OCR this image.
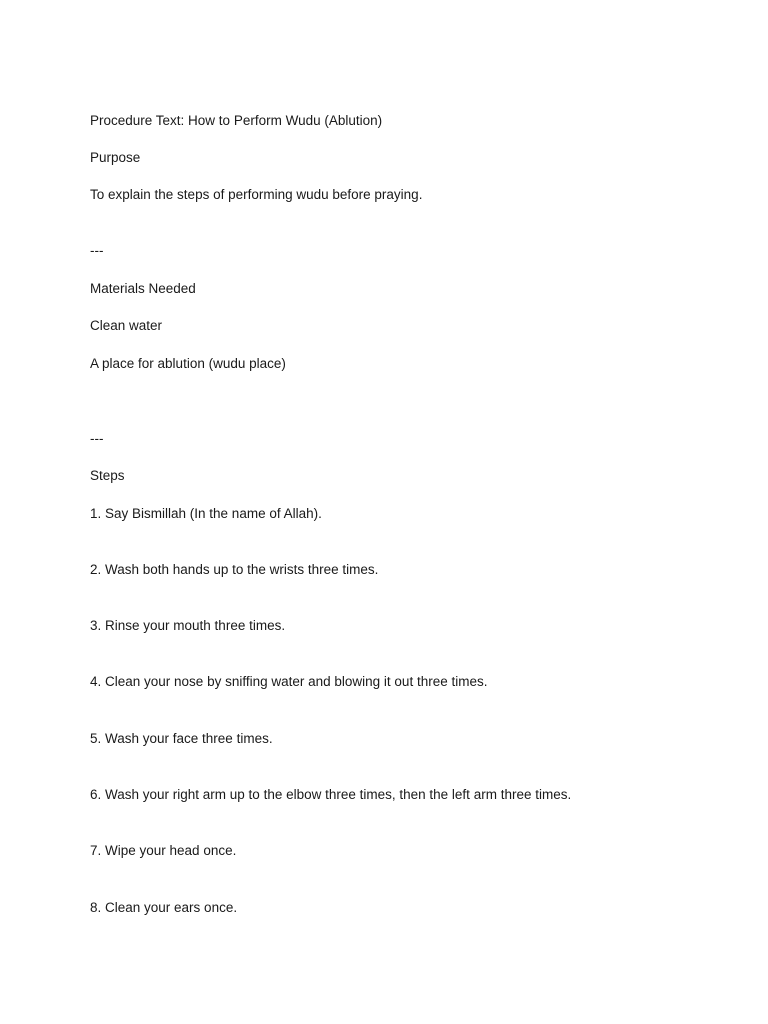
Procedure Text: How to Perform Wudu (Ablution)
Purpose
To explain the steps of performing wudu before praying.
---
Materials Needed
Clean water
A place for ablution (wudu place)
---
Steps
1. Say Bismillah (In the name of Allah).
2. Wash both hands up to the wrists three times.
3. Rinse your mouth three times.
4. Clean your nose by sniffing water and blowing it out three times.
5. Wash your face three times.
6. Wash your right arm up to the elbow three times, then the left arm three times.
7. Wipe your head once.
8. Clean your ears once.
